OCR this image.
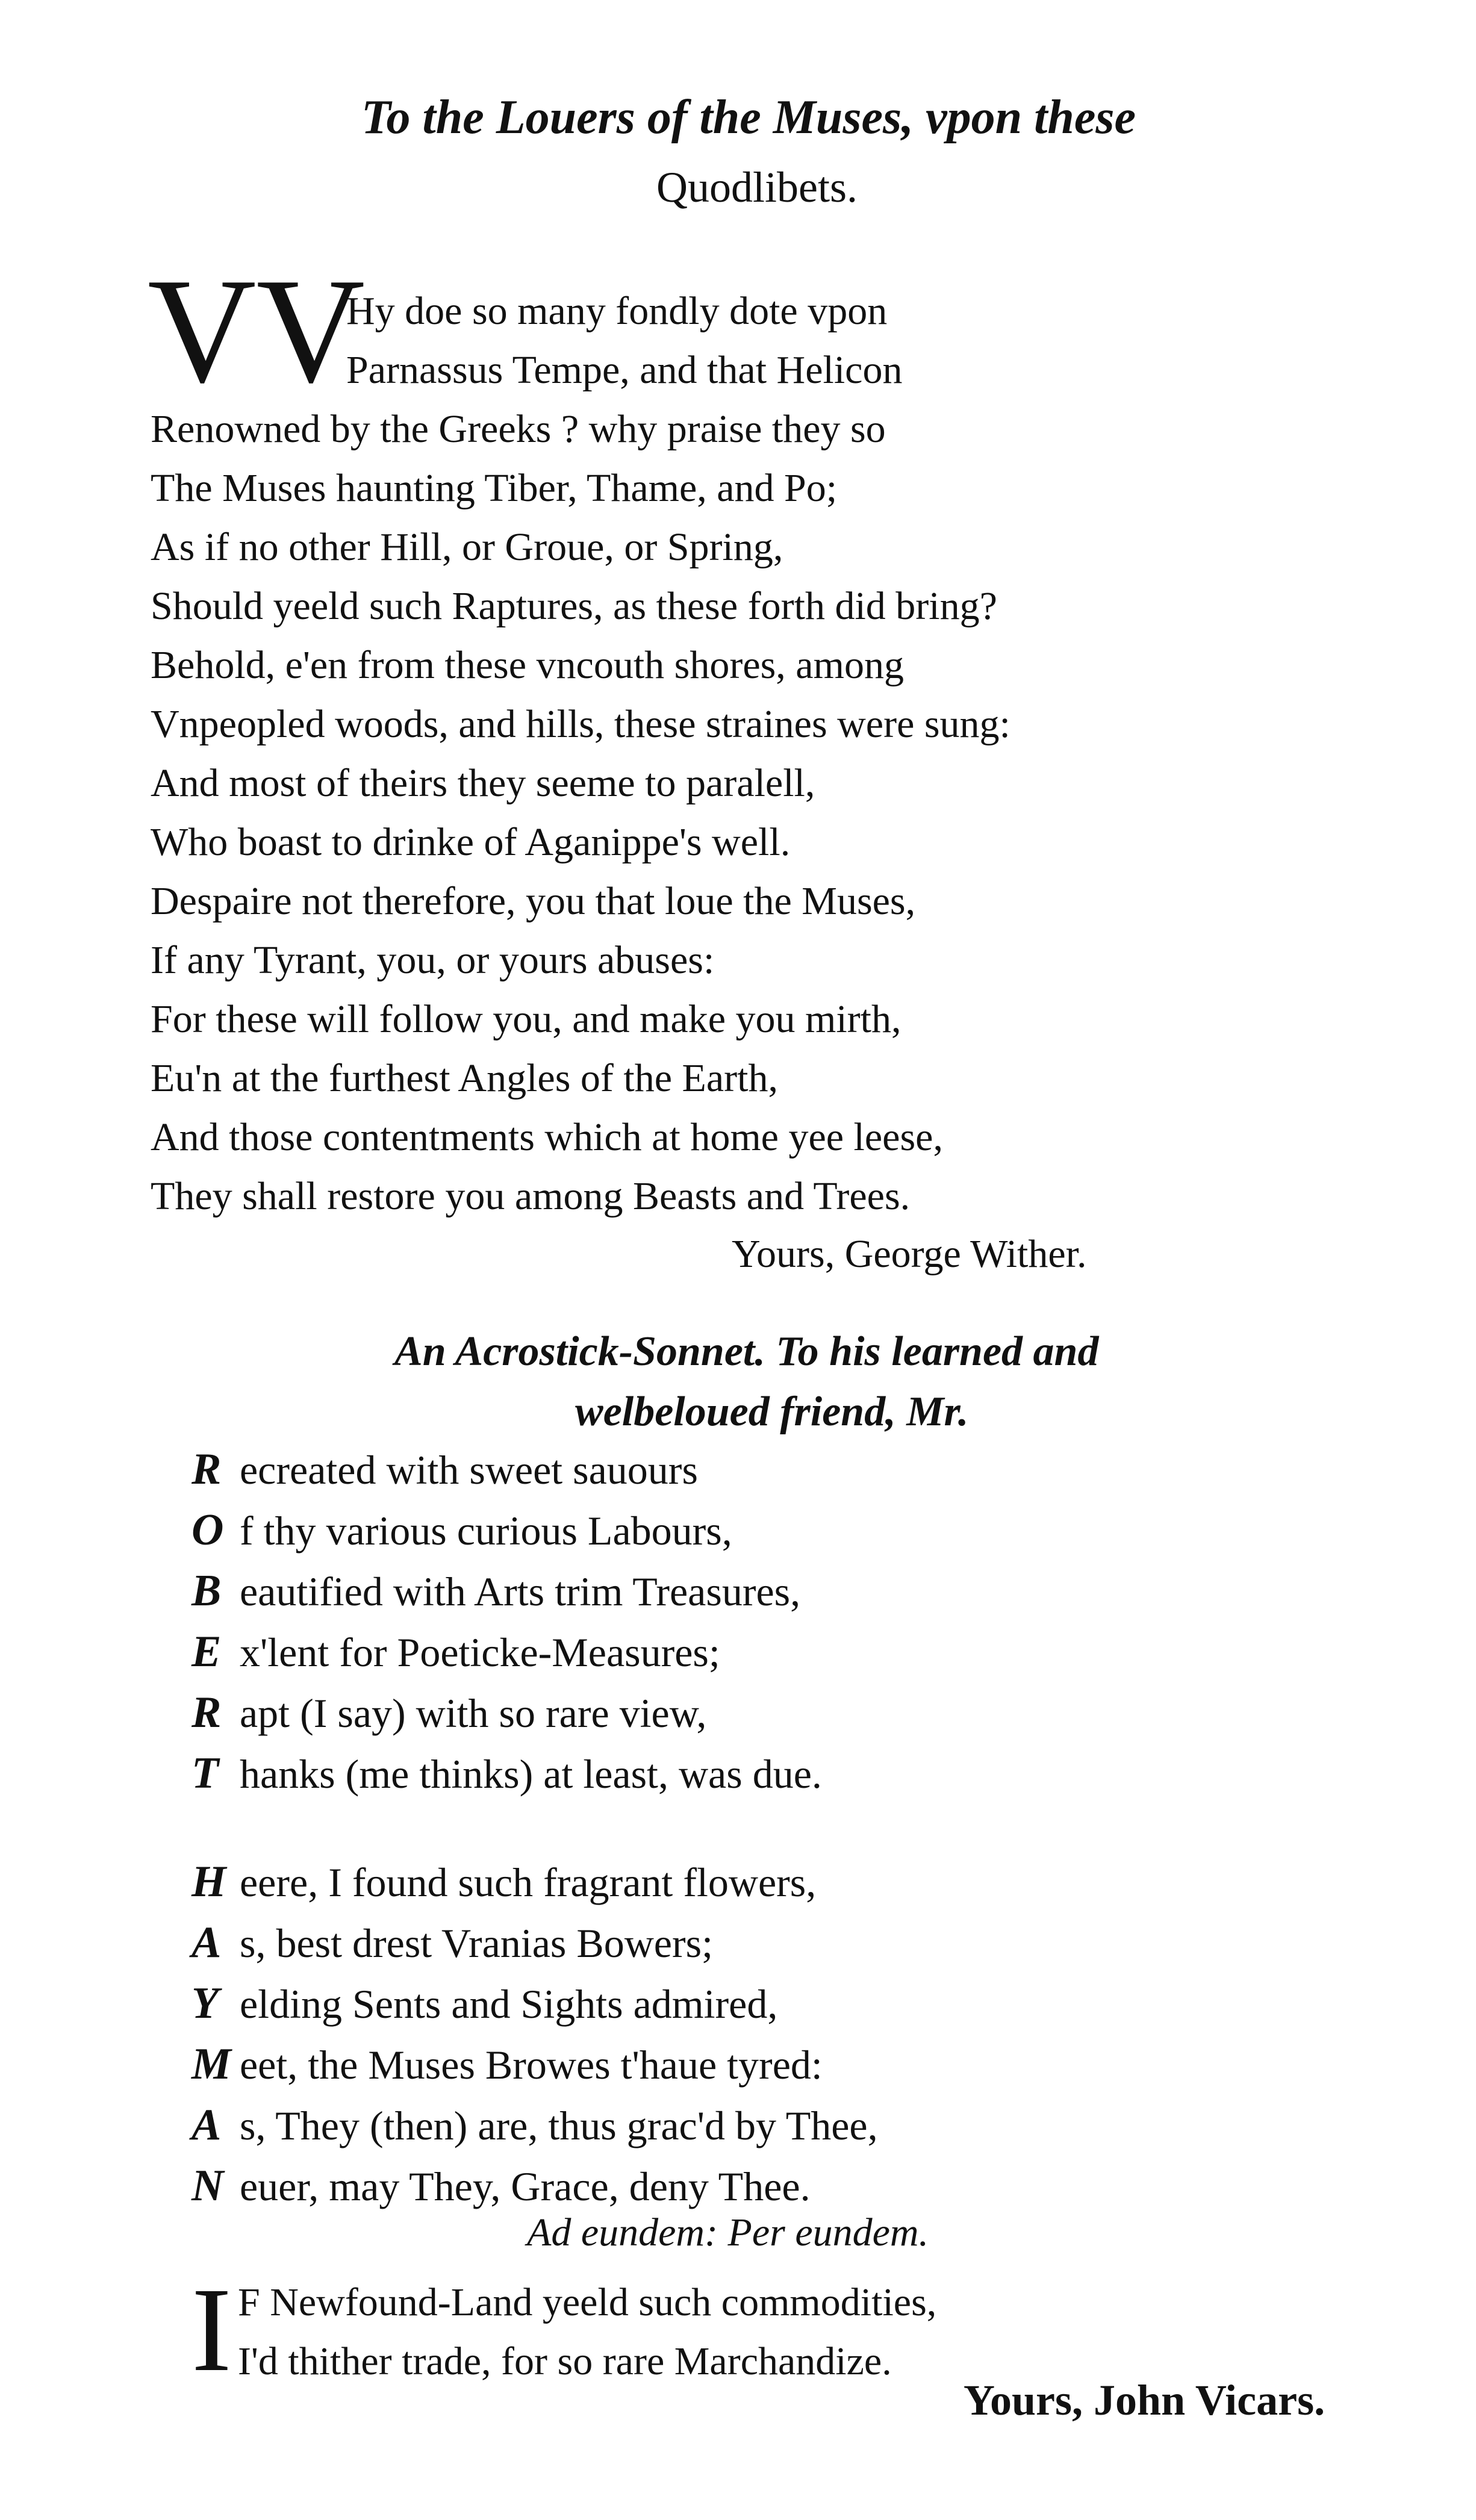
To the Louers of the Muses, vpon these
Quodlibets.
VV
Hy doe so many fondly dote vpon
Parnassus Tempe, and that Helicon
Renowned by the Greeks ? why praise they so
The Muses haunting Tiber, Thame, and Po;
As if no other Hill, or Groue, or Spring,
Should yeeld such Raptures, as these forth did bring?
Behold, e'en from these vncouth shores, among
Vnpeopled woods, and hills, these straines were sung:
And most of theirs they seeme to paralell,
Who boast to drinke of Aganippe's well.
Despaire not therefore, you that loue the Muses,
If any Tyrant, you, or yours abuses:
For these will follow you, and make you mirth,
Eu'n at the furthest Angles of the Earth,
And those contentments which at home yee leese,
They shall restore you among Beasts and Trees.
Yours, George Wither.
An Acrostick-Sonnet. To his learned and
welbeloued friend, Mr.
R ecreated with sweet sauours
O f thy various curious Labours,
B eautified with Arts trim Treasures,
E x'lent for Poeticke-Measures;
R apt (I say) with so rare view,
T hanks (me thinks) at least, was due.
H eere, I found such fragrant flowers,
A s, best drest Vranias Bowers;
Y elding Sents and Sights admired,
M eet, the Muses Browes t'haue tyred:
A s, They (then) are, thus grac'd by Thee,
N euer, may They, Grace, deny Thee.
Ad eundem: Per eundem.
I F Newfound-Land yeeld such commodities,
I'd thither trade, for so rare Marchandize.
Yours, John Vicars.
